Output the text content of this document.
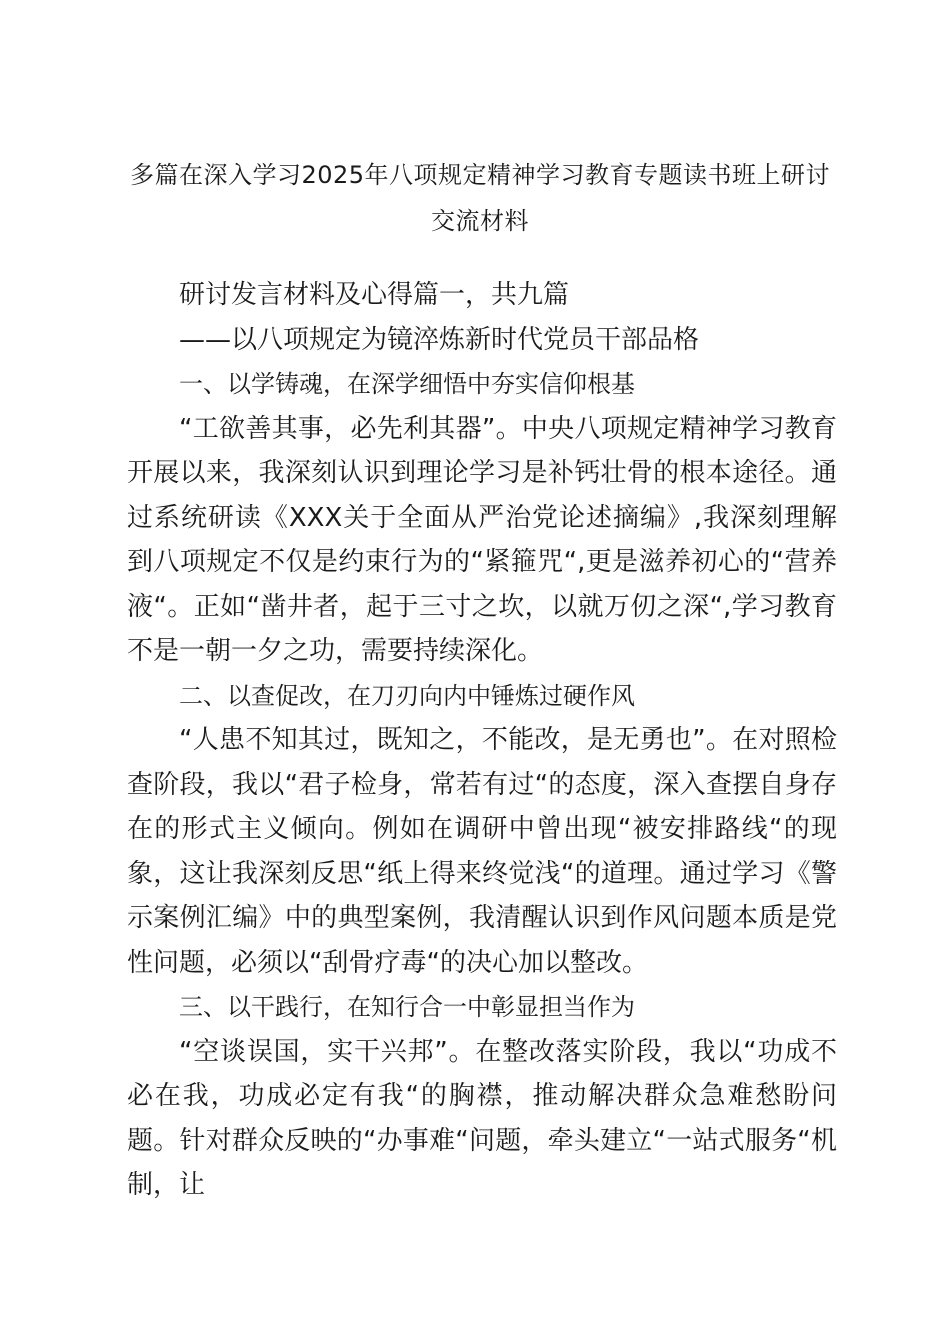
多篇在深入学习2025年八项规定精神学习教育专题读书班上研讨交流材料

研讨发言材料及心得篇一，共九篇

——以八项规定为镜淬炼新时代党员干部品格

一、以学铸魂，在深学细悟中夯实信仰根基

“工欲善其事，必先利其器”。中央八项规定精神学习教育开展以来，我深刻认识到理论学习是补钙壮骨的根本途径。通过系统研读《XXX关于全面从严治党论述摘编》,我深刻理解到八项规定不仅是约束行为的“紧箍咒“,更是滋养初心的“营养液“。正如“凿井者，起于三寸之坎，以就万仞之深“,学习教育不是一朝一夕之功，需要持续深化。

二、以查促改，在刀刃向内中锤炼过硬作风

“人患不知其过，既知之，不能改，是无勇也”。在对照检查阶段，我以“君子检身，常若有过“的态度，深入查摆自身存在的形式主义倾向。例如在调研中曾出现“被安排路线“的现象，这让我深刻反思“纸上得来终觉浅“的道理。通过学习《警示案例汇编》中的典型案例，我清醒认识到作风问题本质是党性问题，必须以“刮骨疗毒“的决心加以整改。

三、以干践行，在知行合一中彰显担当作为

“空谈误国，实干兴邦”。在整改落实阶段，我以“功成不必在我，功成必定有我“的胸襟，推动解决群众急难愁盼问题。针对群众反映的“办事难“问题，牵头建立“一站式服务“机制，让
